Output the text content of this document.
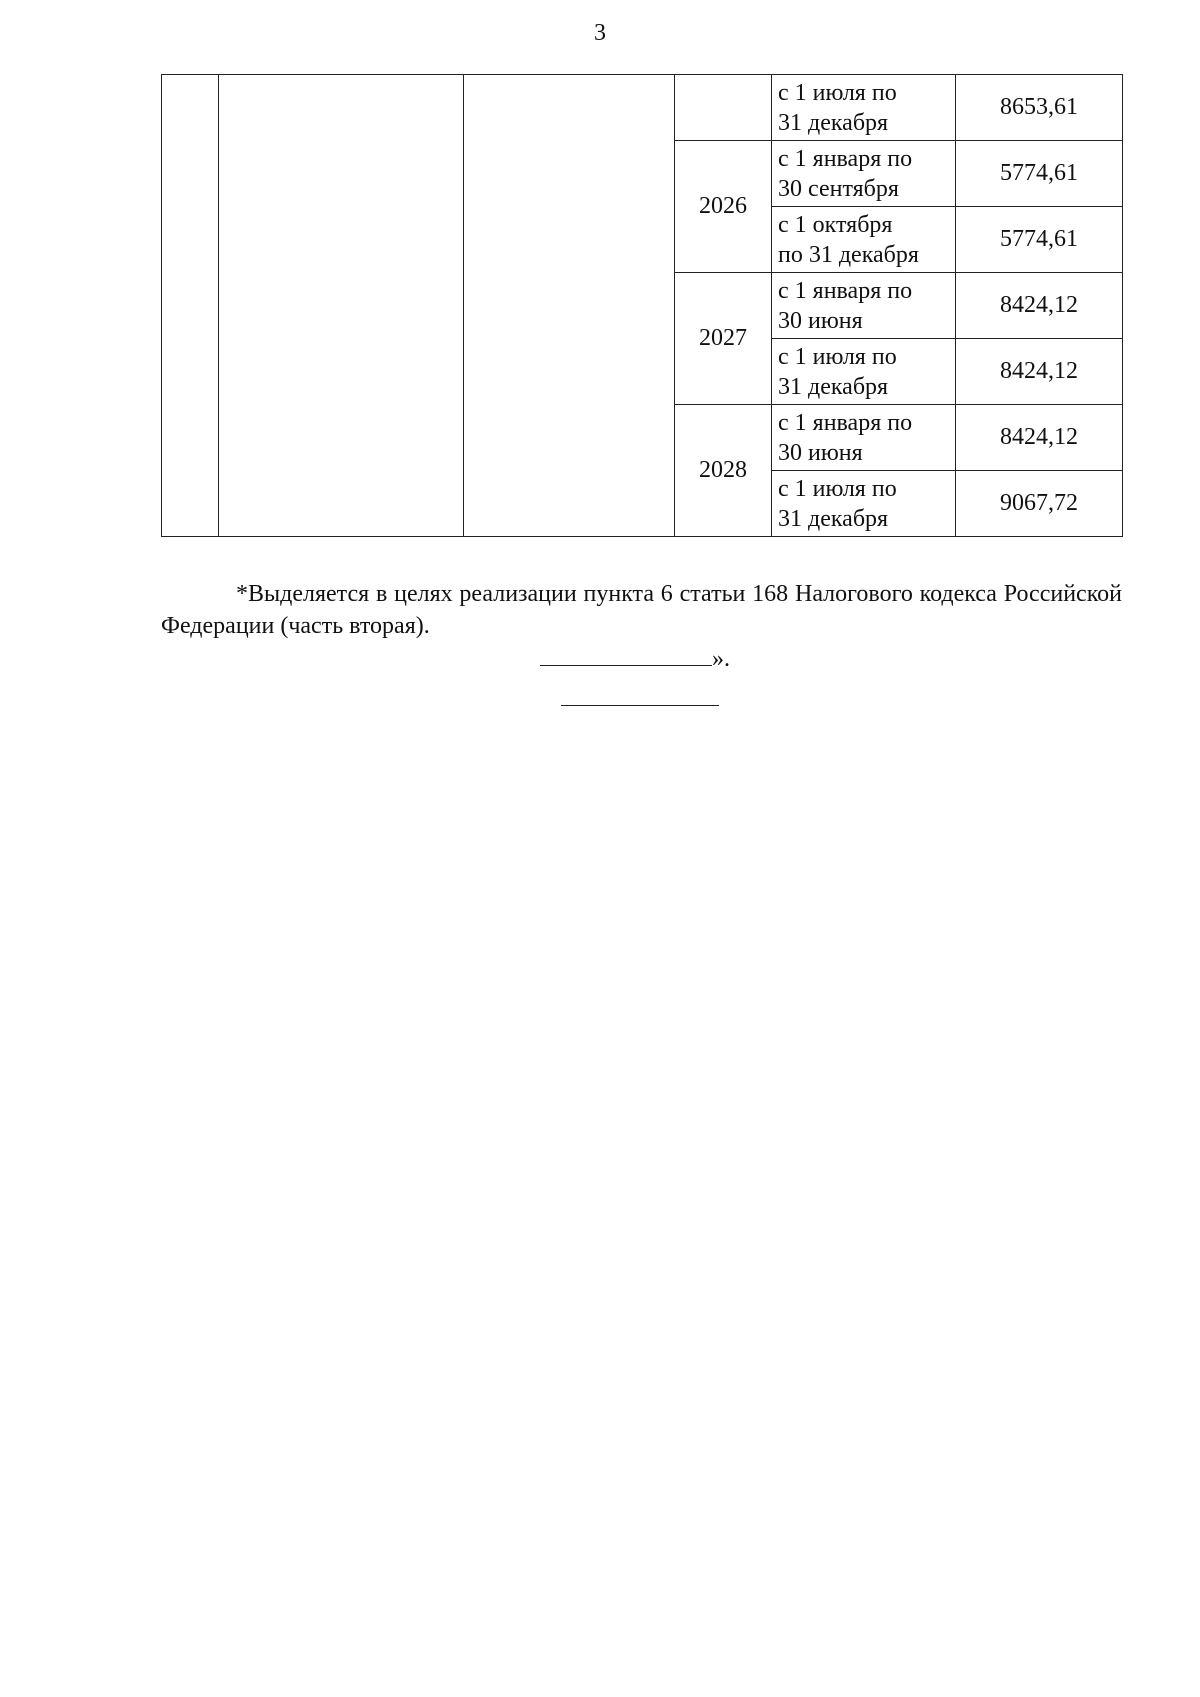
3

				с 1 июля по
31 декабря	8653,61
			2026	с 1 января по
30 сентября	5774,61

				с 1 октября
по 31 декабря	5774,61
			2027	с 1 января по
30 июня	8424,12

				с 1 июля по
31 декабря	8424,12
			2028	с 1 января по
30 июня	8424,12

				с 1 июля по
31 декабря	9067,72
*Выделяется в целях реализации пункта 6 статьи 168 Налогового кодекса Российской Федерации (часть вторая).
».
